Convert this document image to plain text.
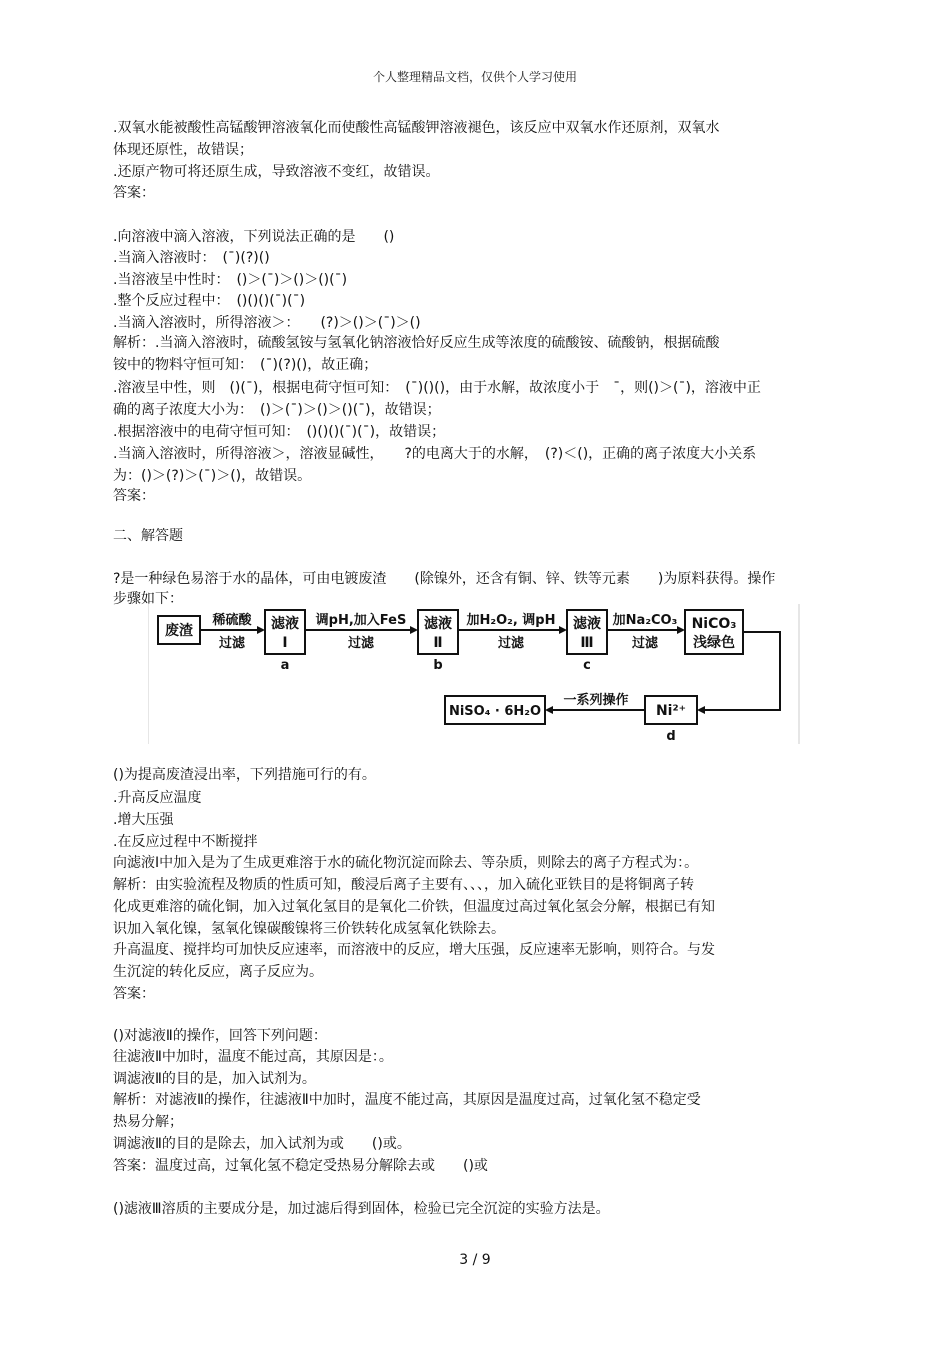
个人整理精品文档，仅供个人学习使用
.双氧水能被酸性高锰酸钾溶液氧化而使酸性高锰酸钾溶液褪色，该反应中双氧水作还原剂，双氧水
体现还原性，故错误；
.还原产物可将还原生成，导致溶液不变红，故错误。
答案：
.向溶液中滴入溶液，下列说法正确的是　　()
.当滴入溶液时：　(¯)(?)()
.当溶液呈中性时：　()＞(¯)＞()＞()(¯)
.整个反应过程中：　()()()(¯)(¯)
.当滴入溶液时，所得溶液＞：　　(?)＞()＞(¯)＞()
解析：.当滴入溶液时，硫酸氢铵与氢氧化钠溶液恰好反应生成等浓度的硫酸铵、硫酸钠，根据硫酸
铵中的物料守恒可知：　(¯)(?)()，故正确；
.溶液呈中性，则　()(¯)，根据电荷守恒可知：　(¯)()()，由于水解，故浓度小于　¯，则()＞(¯)，溶液中正
确的离子浓度大小为：　()＞(¯)＞()＞()(¯)，故错误；
.根据溶液中的电荷守恒可知：　()()()(¯)(¯)，故错误；
.当滴入溶液时，所得溶液＞，溶液显碱性，　　?的电离大于的水解，　(?)＜()，正确的离子浓度大小关系
为：()＞(?)＞(¯)＞()，故错误。
答案：
二、解答题
?是一种绿色易溶于水的晶体，可由电镀废渣　　(除镍外，还含有铜、锌、铁等元素　　)为原料获得。操作
步骤如下：
()为提高废渣浸出率，下列措施可行的有。
.升高反应温度
.增大压强
.在反应过程中不断搅拌
向滤液Ⅰ中加入是为了生成更难溶于水的硫化物沉淀而除去、等杂质，则除去的离子方程式为：。
解析：由实验流程及物质的性质可知，酸浸后离子主要有、、、，加入硫化亚铁目的是将铜离子转
化成更难溶的硫化铜，加入过氧化氢目的是氧化二价铁，但温度过高过氧化氢会分解，根据已有知
识加入氧化镍，氢氧化镍碳酸镍将三价铁转化成氢氧化铁除去。
升高温度、搅拌均可加快反应速率，而溶液中的反应，增大压强，反应速率无影响，则符合。与发
生沉淀的转化反应，离子反应为。
答案：
()对滤液Ⅱ的操作，回答下列问题：
往滤液Ⅱ中加时，温度不能过高，其原因是：。
调滤液Ⅱ的目的是，加入试剂为。
解析：对滤液Ⅱ的操作，往滤液Ⅱ中加时，温度不能过高，其原因是温度过高，过氧化氢不稳定受
热易分解；
调滤液Ⅱ的目的是除去，加入试剂为或　　()或。
答案：温度过高，过氧化氢不稳定受热易分解除去或　　()或
()滤液Ⅲ溶质的主要成分是，加过滤后得到固体，检验已完全沉淀的实验方法是。
废渣	滤液
Ⅰ
滤液
Ⅱ
滤液
Ⅲ
NiCO₃
浅绿色
Ni²⁺
NiSO₄ · 6H₂O
稀硫酸
过滤
调pH,加入FeS
过滤
加H₂O₂, 调pH
过滤
加Na₂CO₃
过滤
一系列操作
a	b	c
d
3 / 9
